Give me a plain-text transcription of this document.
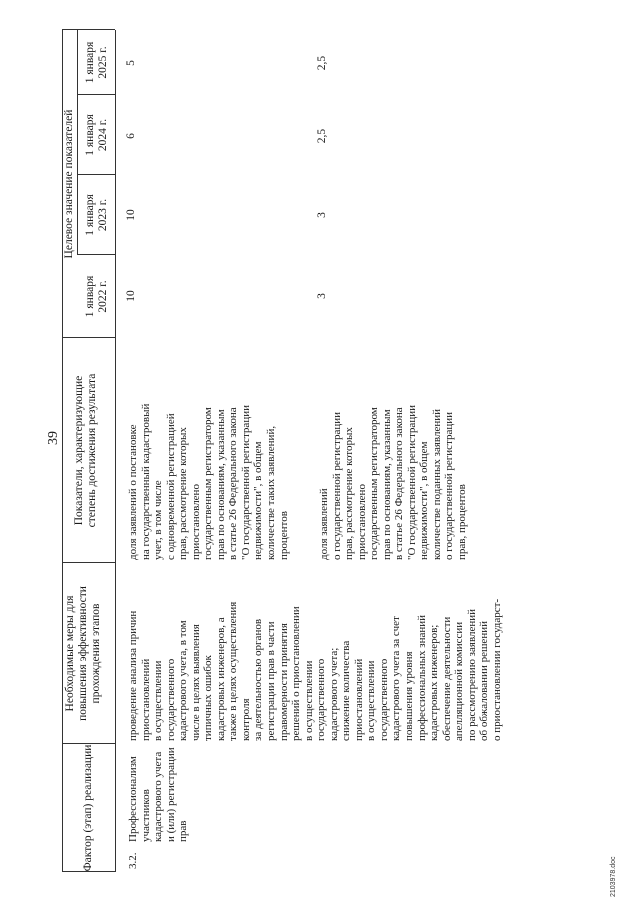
39
Фактор (этап) реализации
Необходимые меры для повышения эффективности прохождения этапов
Показатели, характеризующие степень достижения результата
Целевое значение показателей
1 января 2022 г.
1 января 2023 г.
1 января 2024 г.
1 января 2025 г.
3.2.
Профессионализм участников кадастрового учета и (или) регистрации прав
проведение анализа причин приостановлений в осуществлении государственного кадастрового учета, в том числе в целях выявления типичных ошибок кадастровых инженеров, а также в целях осуществления контроля за деятельностью органов регистрации прав в части правомерности принятия решений о приостановлении в осуществлении государственного кадастрового учета; снижение количества приостановлений в осуществлении государственного кадастрового учета за счет повышения уровня профессиональных знаний кадастровых инженеров; обеспечение деятельности апелляционной комиссии по рассмотрению заявлений об обжаловании решений о приостановлении государст-
доля заявлений о постановке на государственный кадастровый учет, в том числе с одновременной регистрацией прав, рассмотрение которых приостановлено государственным регистратором прав по основаниям, указанным в статье 26 Федерального закона "О государственной регистрации недвижимости", в общем количестве таких заявлений, процентов	доля заявлений о государственной регистрации прав, рассмотрение которых приостановлено государственным регистратором прав по основаниям, указанным в статье 26 Федерального закона "О государственной регистрации недвижимости", в общем количестве поданных заявлений о государственной регистрации прав, процентов
10
10
6
5
3
3
2,5
2,5
2103978.doc
